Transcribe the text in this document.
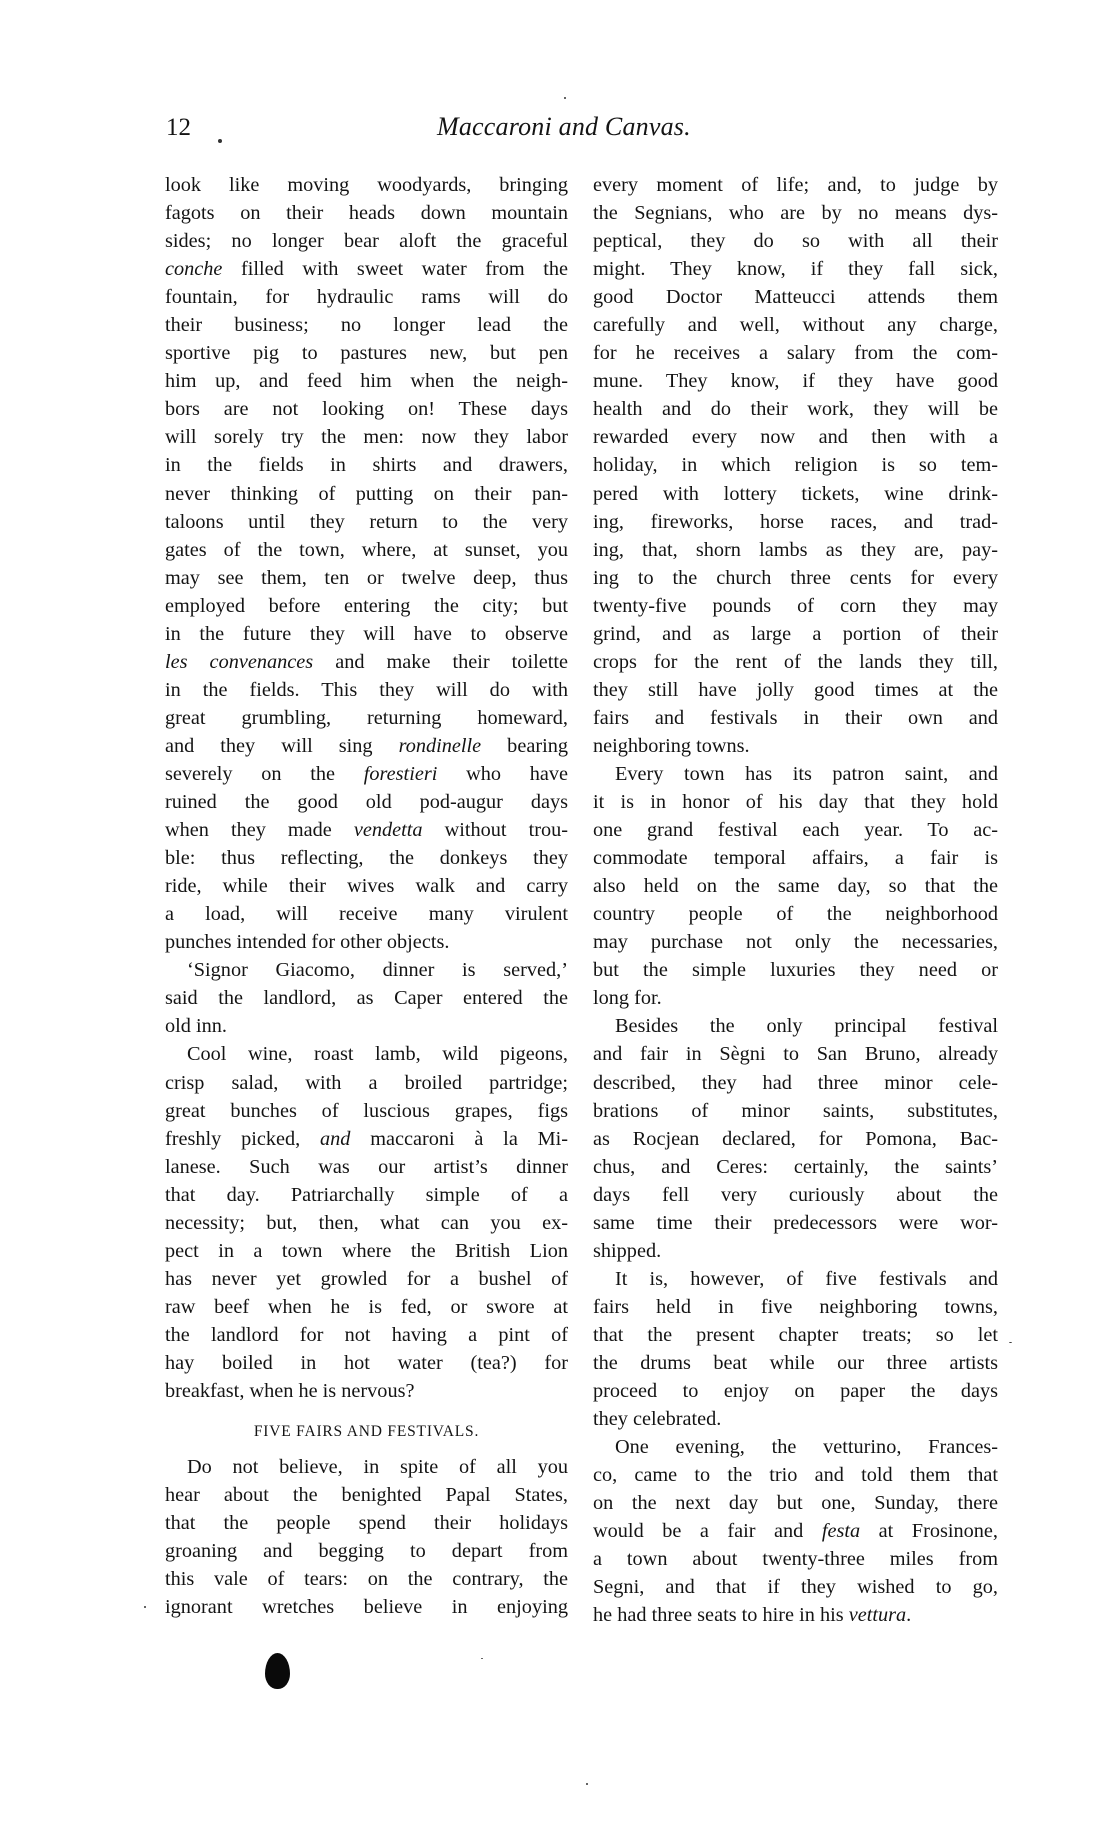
12	Maccaroni and Canvas.
look like moving woodyards, bringing
fagots on their heads down mountain
sides; no longer bear aloft the graceful
conche filled with sweet water from the
fountain, for hydraulic rams will do
their business; no longer lead the
sportive pig to pastures new, but pen
him up, and feed him when the neigh-
bors are not looking on! These days
will sorely try the men: now they labor
in the fields in shirts and drawers,
never thinking of putting on their pan-
taloons until they return to the very
gates of the town, where, at sunset, you
may see them, ten or twelve deep, thus
employed before entering the city; but
in the future they will have to observe
les convenances and make their toilette
in the fields. This they will do with
great grumbling, returning homeward,
and they will sing rondinelle bearing
severely on the forestieri who have
ruined the good old pod-augur days
when they made vendetta without trou-
ble: thus reflecting, the donkeys they
ride, while their wives walk and carry
a load, will receive many virulent
punches intended for other objects.
‘Signor Giacomo, dinner is served,’
said the landlord, as Caper entered the
old inn.
Cool wine, roast lamb, wild pigeons,
crisp salad, with a broiled partridge;
great bunches of luscious grapes, figs
freshly picked, and maccaroni à la Mi-
lanese. Such was our artist’s dinner
that day. Patriarchally simple of a
necessity; but, then, what can you ex-
pect in a town where the British Lion
has never yet growled for a bushel of
raw beef when he is fed, or swore at
the landlord for not having a pint of
hay boiled in hot water (tea?) for
breakfast, when he is nervous?
FIVE FAIRS AND FESTIVALS.
Do not believe, in spite of all you
hear about the benighted Papal States,
that the people spend their holidays
groaning and begging to depart from
this vale of tears: on the contrary, the
ignorant wretches believe in enjoying
every moment of life; and, to judge by
the Segnians, who are by no means dys-
peptical, they do so with all their
might. They know, if they fall sick,
good Doctor Matteucci attends them
carefully and well, without any charge,
for he receives a salary from the com-
mune. They know, if they have good
health and do their work, they will be
rewarded every now and then with a
holiday, in which religion is so tem-
pered with lottery tickets, wine drink-
ing, fireworks, horse races, and trad-
ing, that, shorn lambs as they are, pay-
ing to the church three cents for every
twenty-five pounds of corn they may
grind, and as large a portion of their
crops for the rent of the lands they till,
they still have jolly good times at the
fairs and festivals in their own and
neighboring towns.
Every town has its patron saint, and
it is in honor of his day that they hold
one grand festival each year. To ac-
commodate temporal affairs, a fair is
also held on the same day, so that the
country people of the neighborhood
may purchase not only the necessaries,
but the simple luxuries they need or
long for.
Besides the only principal festival
and fair in Sègni to San Bruno, already
described, they had three minor cele-
brations of minor saints, substitutes,
as Rocjean declared, for Pomona, Bac-
chus, and Ceres: certainly, the saints’
days fell very curiously about the
same time their predecessors were wor-
shipped.
It is, however, of five festivals and
fairs held in five neighboring towns,
that the present chapter treats; so let
the drums beat while our three artists
proceed to enjoy on paper the days
they celebrated.
One evening, the vetturino, Frances-
co, came to the trio and told them that
on the next day but one, Sunday, there
would be a fair and festa at Frosinone,
a town about twenty-three miles from
Segni, and that if they wished to go,
he had three seats to hire in his vettura.
